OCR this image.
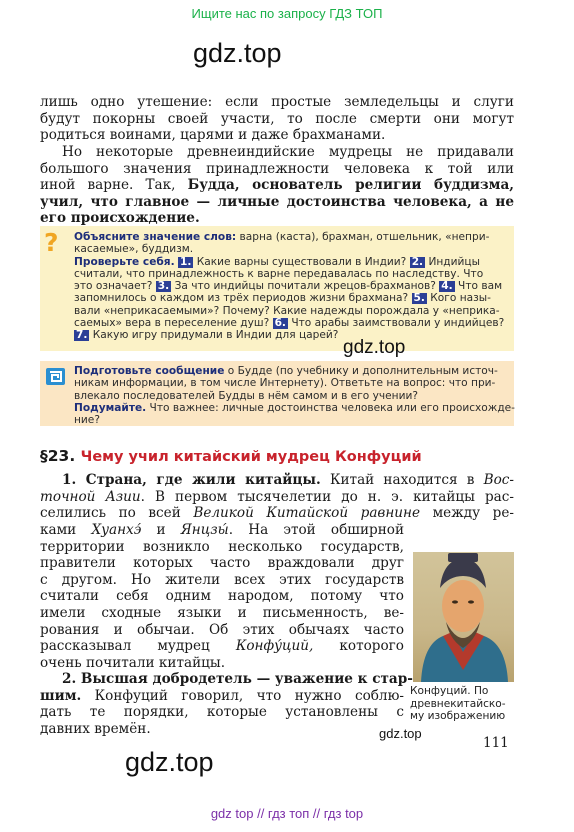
Ищите нас по запросу ГДЗ ТОП
gdz.top
лишь одно утешение: если простые земледельцы и слуги
будут покорны своей участи, то после смерти они могут
родиться воинами, царями и даже брахманами.
Но некоторые древнеиндийские мудрецы не придавали
большого значения принадлежности человека к той или
иной варне. Так, Будда, основатель религии буддизма,
учил, что главное — личные достоинства человека, а не
его происхождение.
? Объясните значение слов: варна (каста), брахман, отшельник, «непри-
касаемые», буддизм.
Проверьте себя. 1. Какие варны существовали в Индии? 2. Индийцы
считали, что принадлежность к варне передавалась по наследству. Что
это означает? 3. За что индийцы почитали жрецов-брахманов? 4. Что вам
запомнилось о каждом из трёх периодов жизни брахмана? 5. Кого назы-
вали «неприкасаемыми»? Почему? Какие надежды порождала у «неприка-
саемых» вера в переселение душ? 6. Что арабы заимствовали у индийцев?
7. Какую игру придумали в Индии для царей?
gdz.top
Подготовьте сообщение о Будде (по учебнику и дополнительным источ-
никам информации, в том числе Интернету). Ответьте на вопрос: что при-
влекало последователей Будды в нём самом и в его учении?
Подумайте. Что важнее: личные достоинства человека или его происхожде-
ние?
§23. Чему учил китайский мудрец Конфуций
1. Страна, где жили китайцы. Китай находится в Вос-
точной Азии. В первом тысячелетии до н. э. китайцы рас-
селились по всей Великой Китайской равнине между ре-
ками Хуанхэ́ и Янцзы́. На этой обширной
территории возникло несколько государств,
правители которых часто враждовали друг
с другом. Но жители всех этих государств
считали себя одним народом, потому что
имели сходные языки и письменность, ве-
рования и обычаи. Об этих обычаях часто
рассказывал мудрец Конфу́ций, которого
очень почитали китайцы.
2. Высшая добродетель — уважение к стар-
шим. Конфуций говорил, что нужно соблю-
дать те порядки, которые установлены с
давних времён.
Конфуций. По
древнекитайско-
му изображению
gdz.top
111
gdz.top
gdz top // гдз топ // гдз top
